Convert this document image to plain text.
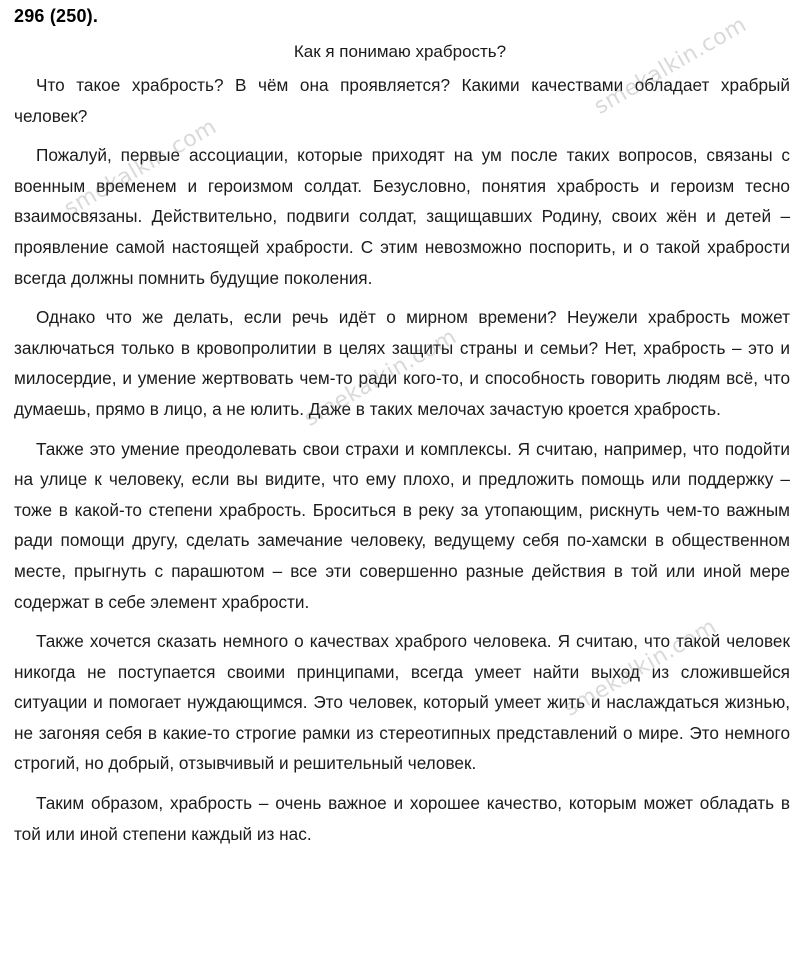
296 (250).
Как я понимаю храбрость?

Что такое храбрость? В чём она проявляется? Какими качествами обладает храбрый человек?

Пожалуй, первые ассоциации, которые приходят на ум после таких вопросов, связаны с военным временем и героизмом солдат. Безусловно, понятия храбрость и героизм тесно взаимосвязаны. Действительно, подвиги солдат, защищавших Родину, своих жён и детей – проявление самой настоящей храбрости. С этим невозможно поспорить, и о такой храбрости всегда должны помнить будущие поколения.

Однако что же делать, если речь идёт о мирном времени? Неужели храбрость может заключаться только в кровопролитии в целях защиты страны и семьи? Нет, храбрость – это и милосердие, и умение жертвовать чем-то ради кого-то, и способность говорить людям всё, что думаешь, прямо в лицо, а не юлить. Даже в таких мелочах зачастую кроется храбрость.

Также это умение преодолевать свои страхи и комплексы. Я считаю, например, что подойти на улице к человеку, если вы видите, что ему плохо, и предложить помощь или поддержку – тоже в какой-то степени храбрость. Броситься в реку за утопающим, рискнуть чем-то важным ради помощи другу, сделать замечание человеку, ведущему себя по-хамски в общественном месте, прыгнуть с парашютом – все эти совершенно разные действия в той или иной мере содержат в себе элемент храбрости.

Также хочется сказать немного о качествах храброго человека. Я считаю, что такой человек никогда не поступается своими принципами, всегда умеет найти выход из сложившейся ситуации и помогает нуждающимся. Это человек, который умеет жить и наслаждаться жизнью, не загоняя себя в какие-то строгие рамки из стереотипных представлений о мире. Это немного строгий, но добрый, отзывчивый и решительный человек.

Таким образом, храбрость – очень важное и хорошее качество, которым может обладать в той или иной степени каждый из нас.

smekalkin.com
smekalkin.com
smekalkin.com
smekalkin.com
